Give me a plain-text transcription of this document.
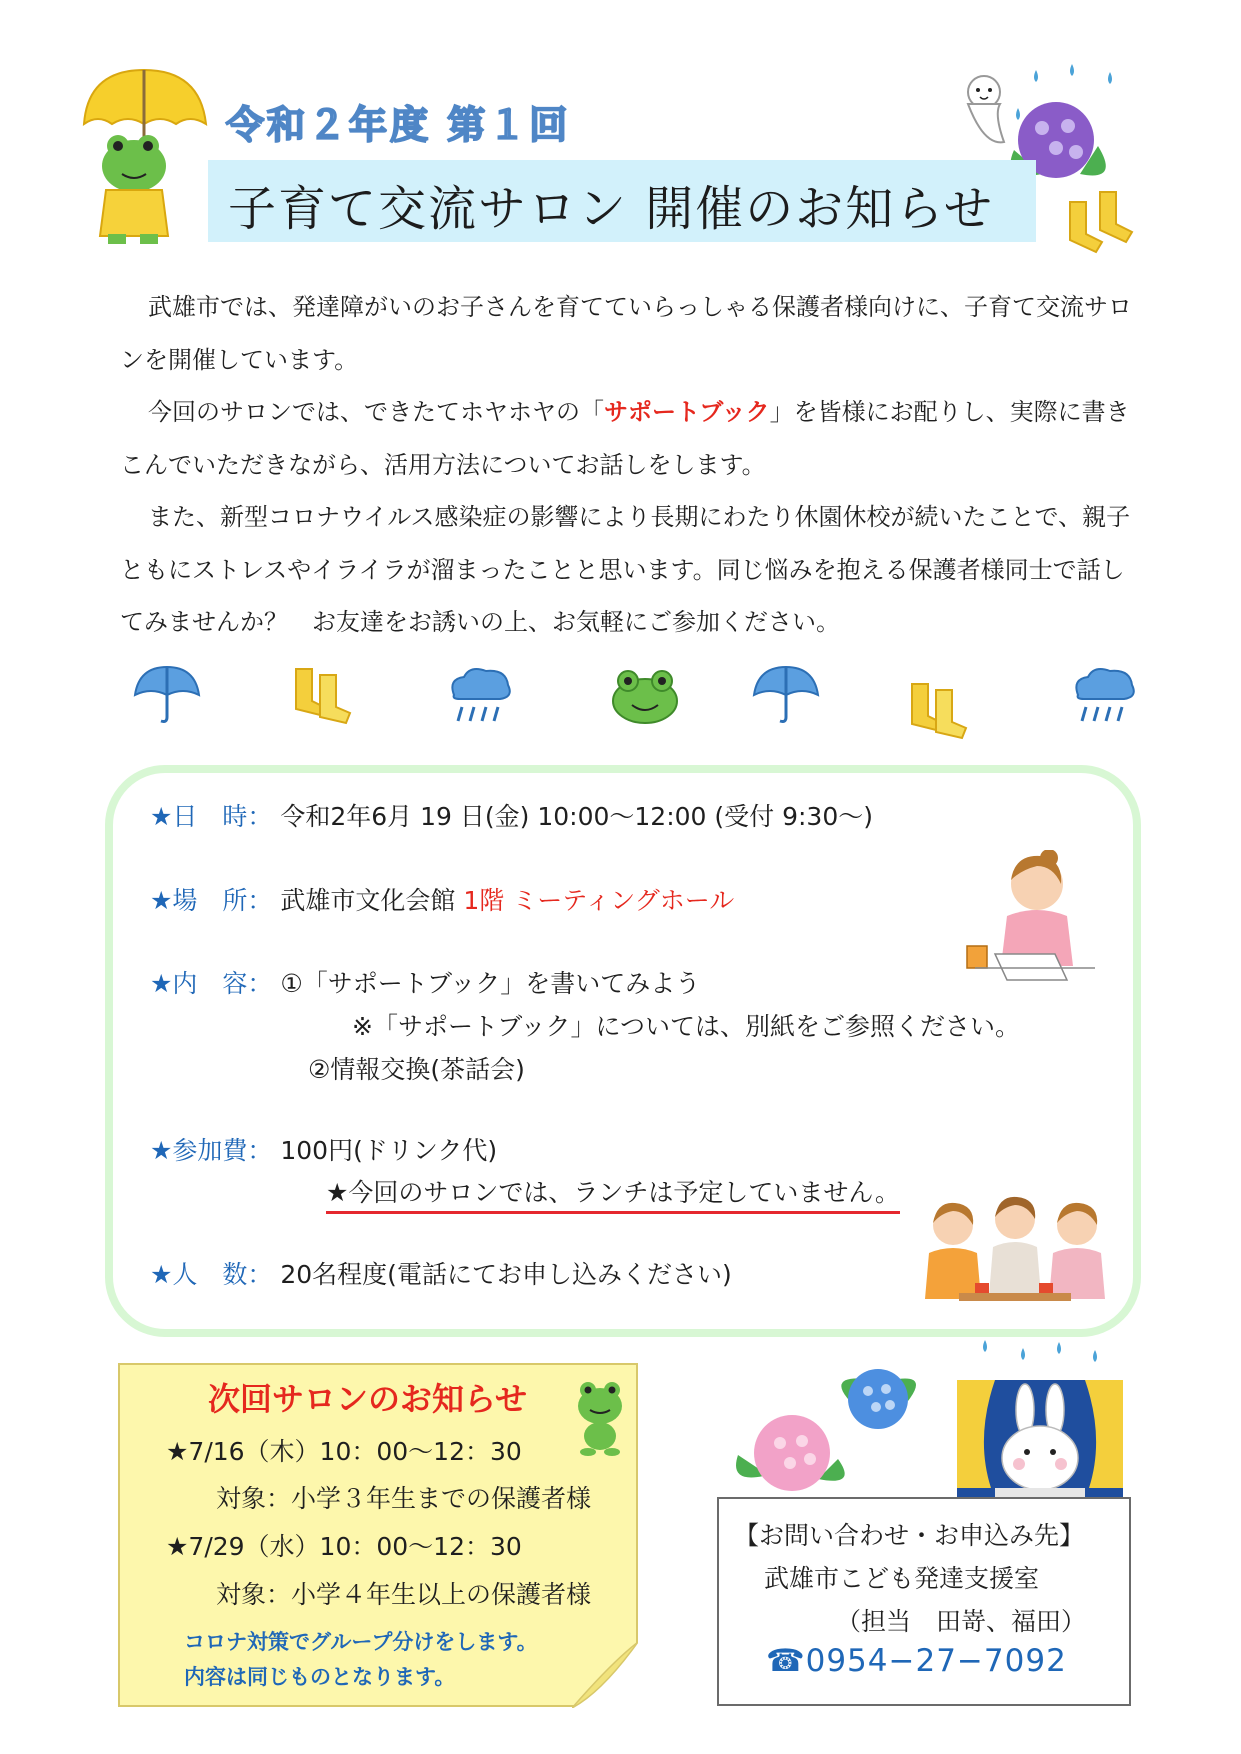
令和２年度 第１回
子育て交流サロン 開催のお知らせ

武雄市では、発達障がいのお子さんを育てていらっしゃる保護者様向けに、子育て交流サロンを開催しています。

今回のサロンでは、できたてホヤホヤの「サポートブック」を皆様にお配りし、実際に書きこんでいただきながら、活用方法についてお話しをします。

また、新型コロナウイルス感染症の影響により長期にわたり休園休校が続いたことで、親子ともにストレスやイライラが溜まったことと思います。同じ悩みを抱える保護者様同士で話してみませんか？　お友達をお誘いの上、お気軽にご参加ください。

★日　時： 令和2年6月 19 日(金) 10:00〜12:00 (受付 9:30〜)
★場　所： 武雄市文化会館 1階 ミーティングホール
★内　容： ①「サポートブック」を書いてみよう
※「サポートブック」については、別紙をご参照ください。
②情報交換(茶話会)
★参加費： 100円(ドリンク代)
★今回のサロンでは、ランチは予定していません。
★人　数： 20名程度(電話にてお申し込みください)
次回サロンのお知らせ
★7/16（木）10：00～12：30
対象：小学３年生までの保護者様
★7/29（水）10：00～12：30
対象：小学４年生以上の保護者様
コロナ対策でグループ分けをします。
内容は同じものとなります。
【お問い合わせ・お申込み先】
武雄市こども発達支援室
（担当　田嵜、福田）
☎0954−27−7092
